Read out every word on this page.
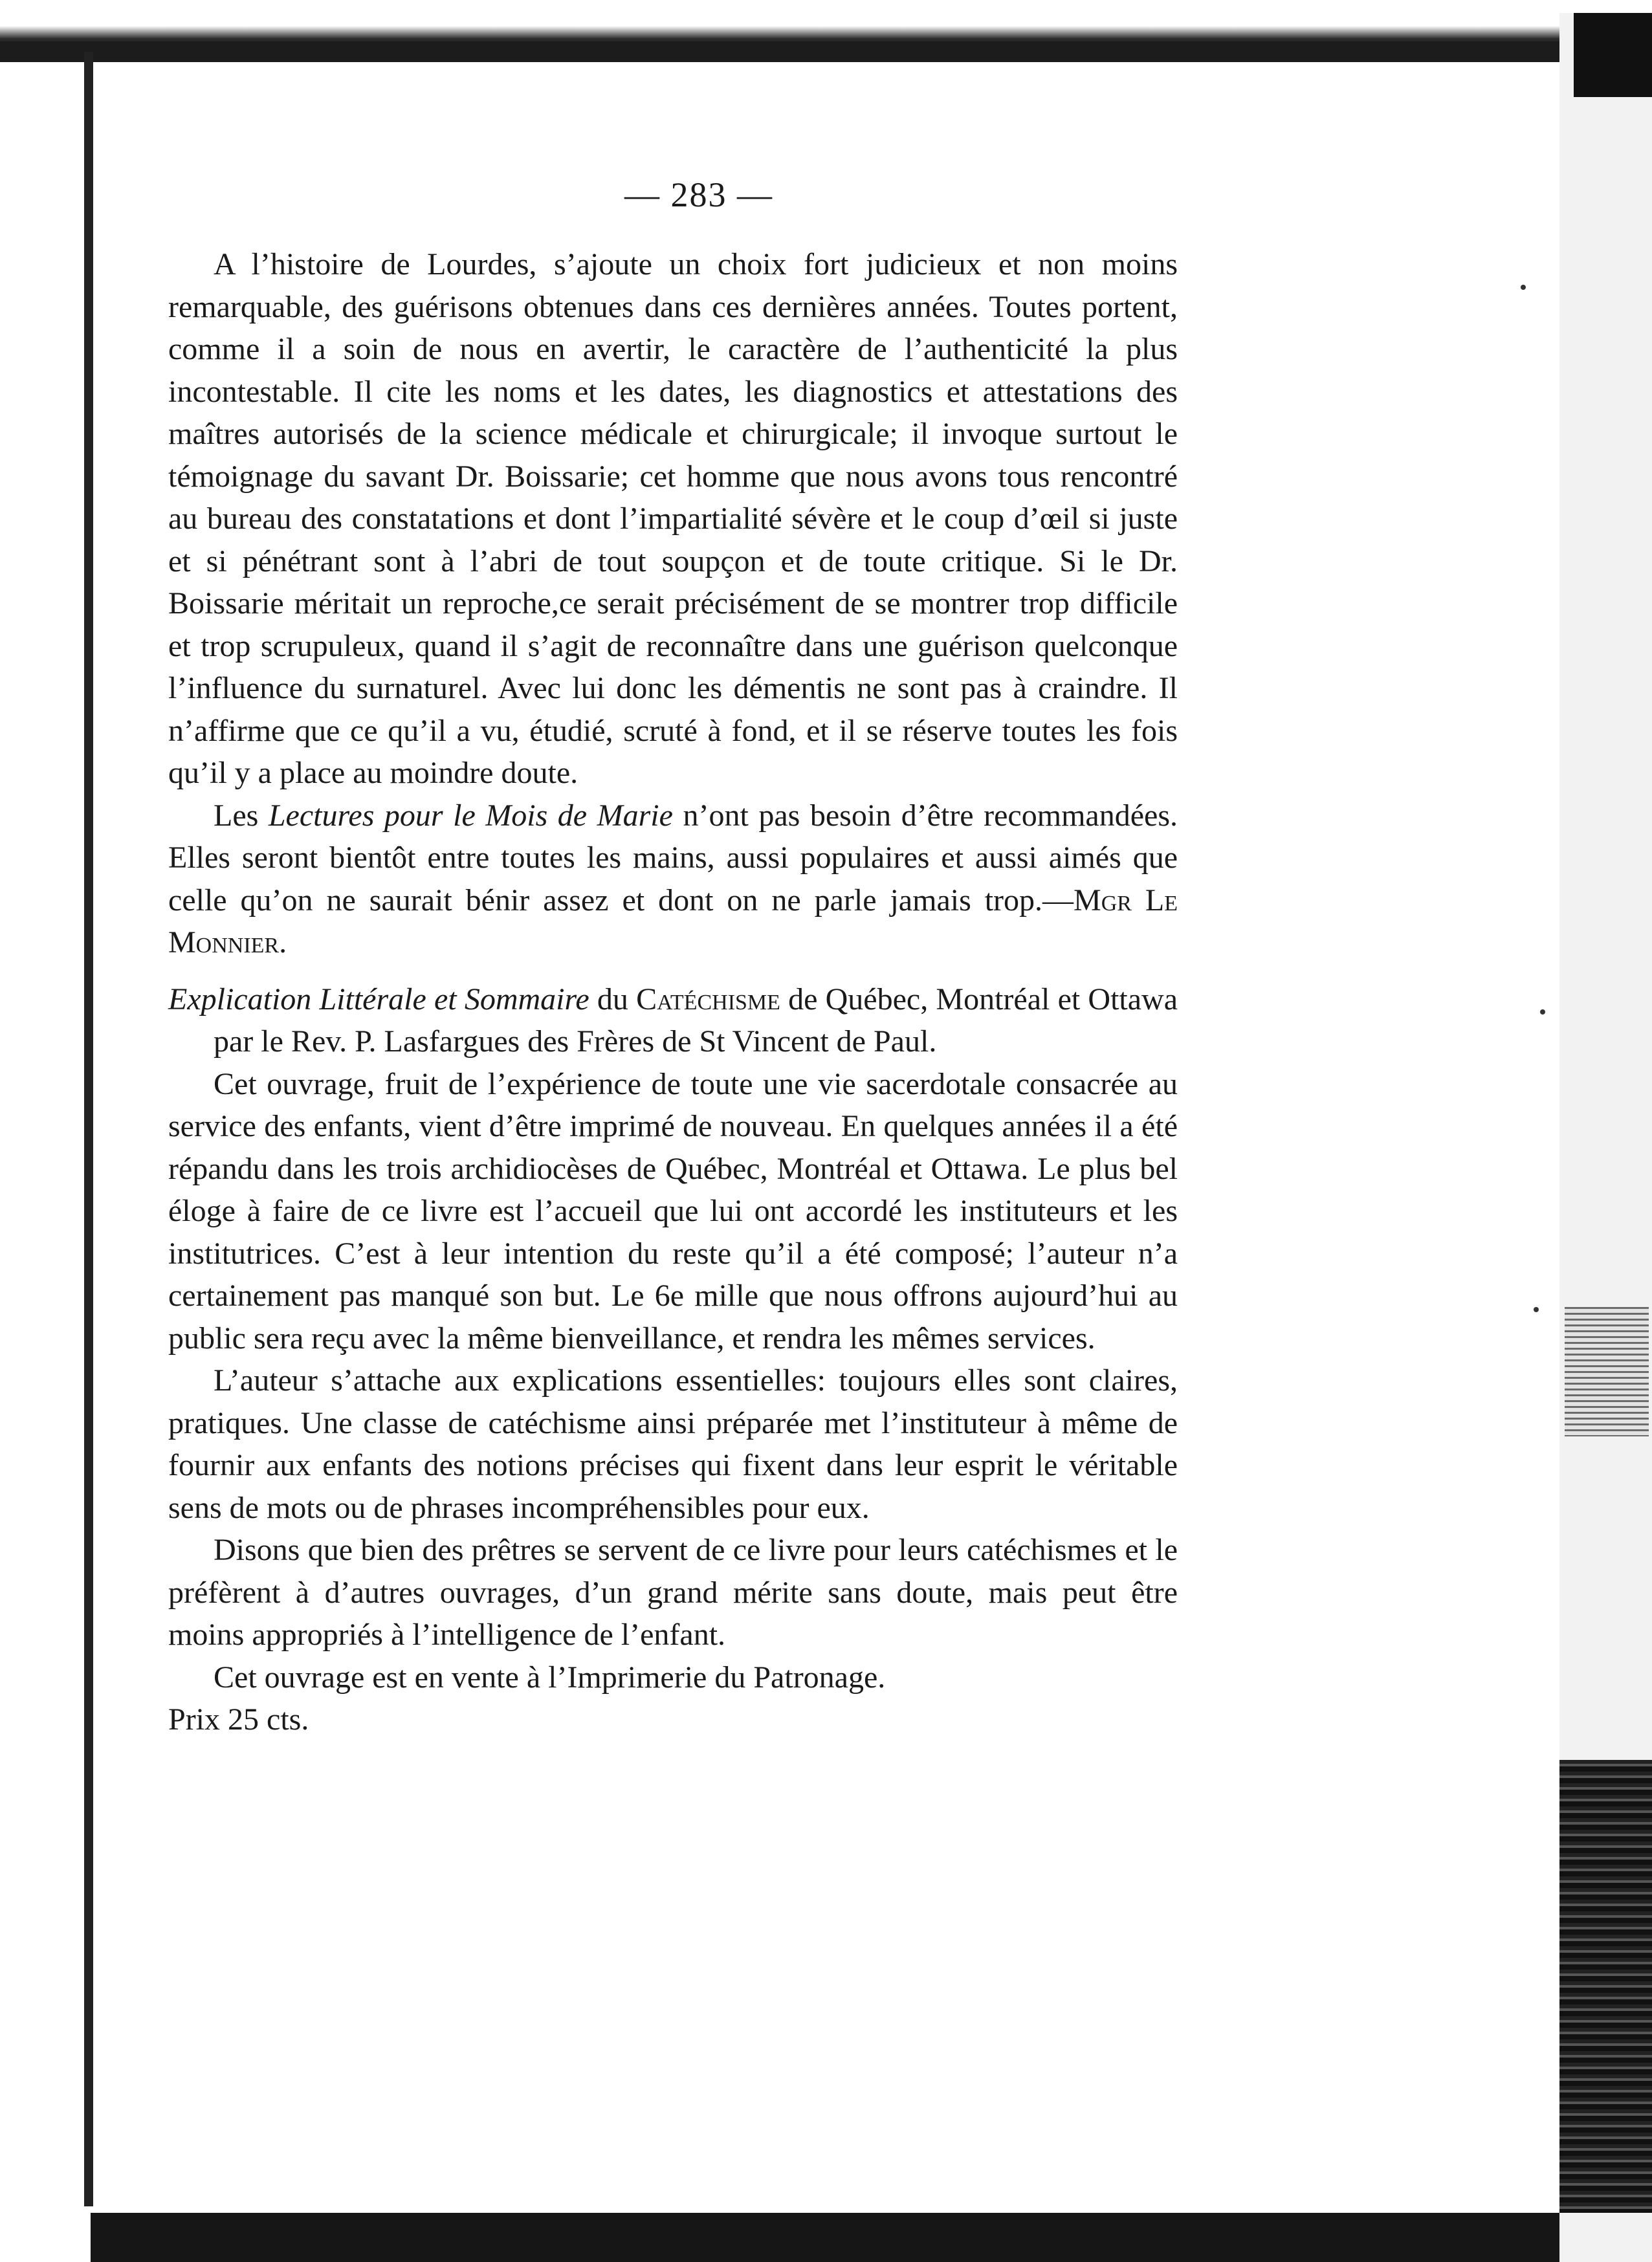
— 283 —

A l’histoire de Lourdes, s’ajoute un choix fort judicieux et non moins remarquable, des guérisons obtenues dans ces dernières années. Toutes portent, comme il a soin de nous en avertir, le caractère de l’authenticité la plus incontestable. Il cite les noms et les dates, les diagnostics et attestations des maîtres autorisés de la science médicale et chirurgicale; il invoque surtout le témoignage du savant Dr. Boissarie; cet homme que nous avons tous rencontré au bureau des constatations et dont l’impartialité sévère et le coup d’œil si juste et si pénétrant sont à l’abri de tout soupçon et de toute critique. Si le Dr. Boissarie méritait un reproche,ce serait précisément de se montrer trop difficile et trop scrupuleux, quand il s’agit de reconnaître dans une guérison quelconque l’influence du surnaturel. Avec lui donc les démentis ne sont pas à craindre. Il n’affirme que ce qu’il a vu, étudié, scruté à fond, et il se réserve toutes les fois qu’il y a place au moindre doute.

Les Lectures pour le Mois de Marie n’ont pas besoin d’être recommandées. Elles seront bientôt entre toutes les mains, aussi populaires et aussi aimés que celle qu’on ne saurait bénir assez et dont on ne parle jamais trop.—Mgr Le Monnier.

Explication Littérale et Sommaire du Catéchisme de Québec, Montréal et Ottawa par le Rev. P. Lasfargues des Frères de St Vincent de Paul.

Cet ouvrage, fruit de l’expérience de toute une vie sacerdotale consacrée au service des enfants, vient d’être imprimé de nouveau. En quelques années il a été répandu dans les trois archidiocèses de Québec, Montréal et Ottawa. Le plus bel éloge à faire de ce livre est l’accueil que lui ont accordé les instituteurs et les institutrices. C’est à leur intention du reste qu’il a été composé; l’auteur n’a certainement pas manqué son but. Le 6e mille que nous offrons aujourd’hui au public sera reçu avec la même bienveillance, et rendra les mêmes services.

L’auteur s’attache aux explications essentielles: toujours elles sont claires, pratiques. Une classe de catéchisme ainsi préparée met l’instituteur à même de fournir aux enfants des notions précises qui fixent dans leur esprit le véritable sens de mots ou de phrases incompréhensibles pour eux.

Disons que bien des prêtres se servent de ce livre pour leurs catéchismes et le préfèrent à d’autres ouvrages, d’un grand mérite sans doute, mais peut être moins appropriés à l’intelligence de l’enfant.

Cet ouvrage est en vente à l’Imprimerie du Patronage.

Prix 25 cts.
